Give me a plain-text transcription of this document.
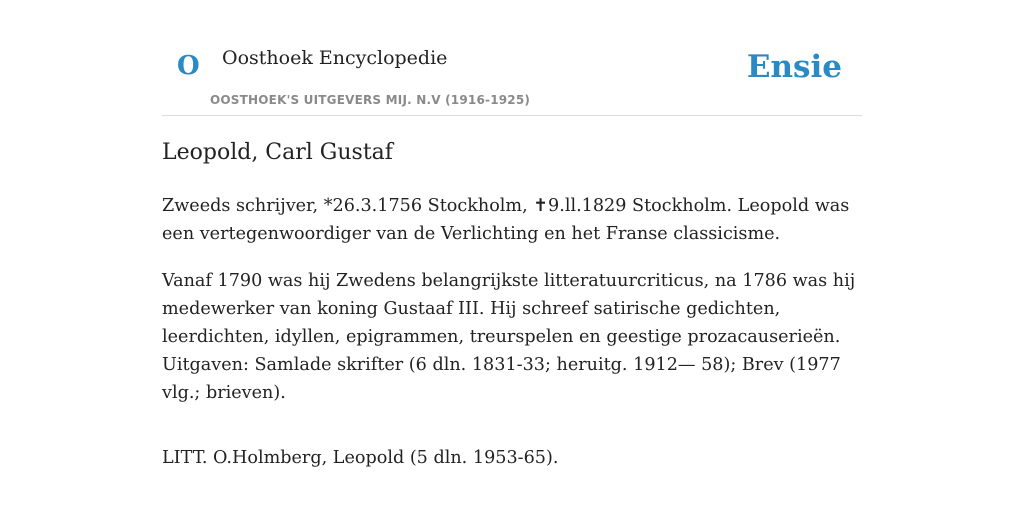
O Oosthoek Encyclopedie
OOSTHOEK'S UITGEVERS MIJ. N.V (1916-1925)
Ensie
Leopold, Carl Gustaf

Zweeds schrijver, *26.3.1756 Stockholm, ✝9.ll.1829 Stockholm. Leopold was een vertegenwoordiger van de Verlichting en het Franse classicisme.

Vanaf 1790 was hij Zwedens belangrijkste litteratuurcriticus, na 1786 was hij medewerker van koning Gustaaf III. Hij schreef satirische gedichten, leerdichten, idyllen, epigrammen, treurspelen en geestige prozacauserieën. Uitgaven: Samlade skrifter (6 dln. 1831-33; heruitg. 1912— 58); Brev (1977 vlg.; brieven).

LITT. O.Holmberg, Leopold (5 dln. 1953-65).
